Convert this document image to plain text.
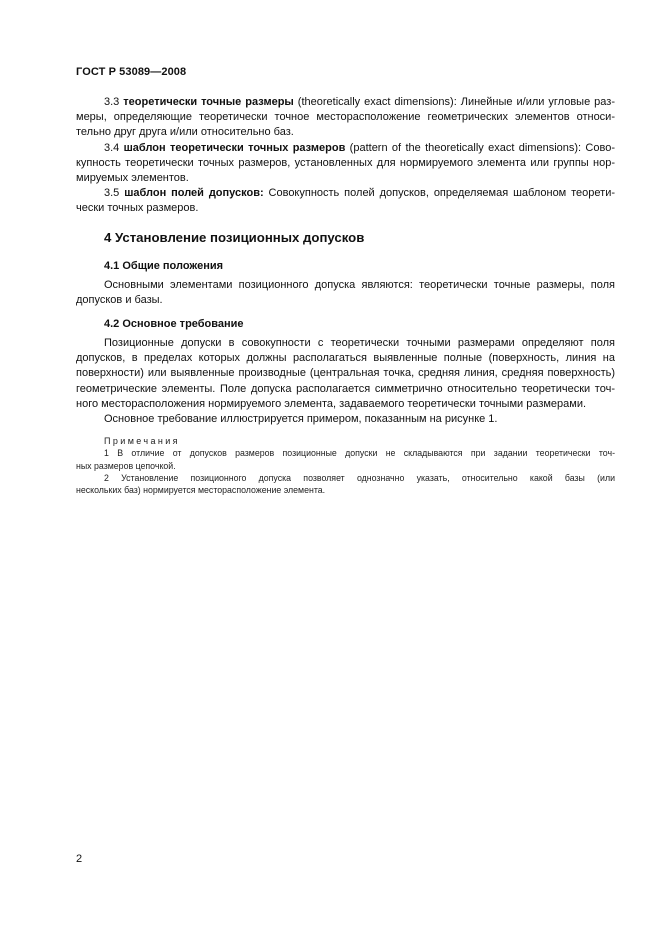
ГОСТ Р 53089—2008

3.3 теоретически точные размеры (theoretically exact dimensions): Линейные и/или угловые раз-
меры, определяющие теоретически точное месторасположение геометрических элементов относи-
тельно друг друга и/или относительно баз.

3.4 шаблон теоретически точных размеров (pattern of the theoretically exact dimensions): Сово-
купность теоретически точных размеров, установленных для нормируемого элемента или группы нор-
мируемых элементов.

3.5 шаблон полей допусков: Совокупность полей допусков, определяемая шаблоном теорети-
чески точных размеров.

4 Установление позиционных допусков
4.1 Общие положения

Основными элементами позиционного допуска являются: теоретически точные размеры, поля
допусков и базы.

4.2 Основное требование

Позиционные допуски в совокупности с теоретически точными размерами определяют поля
допусков, в пределах которых должны располагаться выявленные полные (поверхность, линия на
поверхности) или выявленные производные (центральная точка, средняя линия, средняя поверхность)
геометрические элементы. Поле допуска располагается симметрично относительно теоретически точ-
ного месторасположения нормируемого элемента, задаваемого теоретически точными размерами.

Основное требование иллюстрируется примером, показанным на рисунке 1.

Примечания

1 В отличие от допусков размеров позиционные допуски не складываются при задании теоретически точ-
ных размеров цепочкой.

2 Установление позиционного допуска позволяет однозначно указать, относительно какой базы (или
нескольких баз) нормируется месторасположение элемента.

2
